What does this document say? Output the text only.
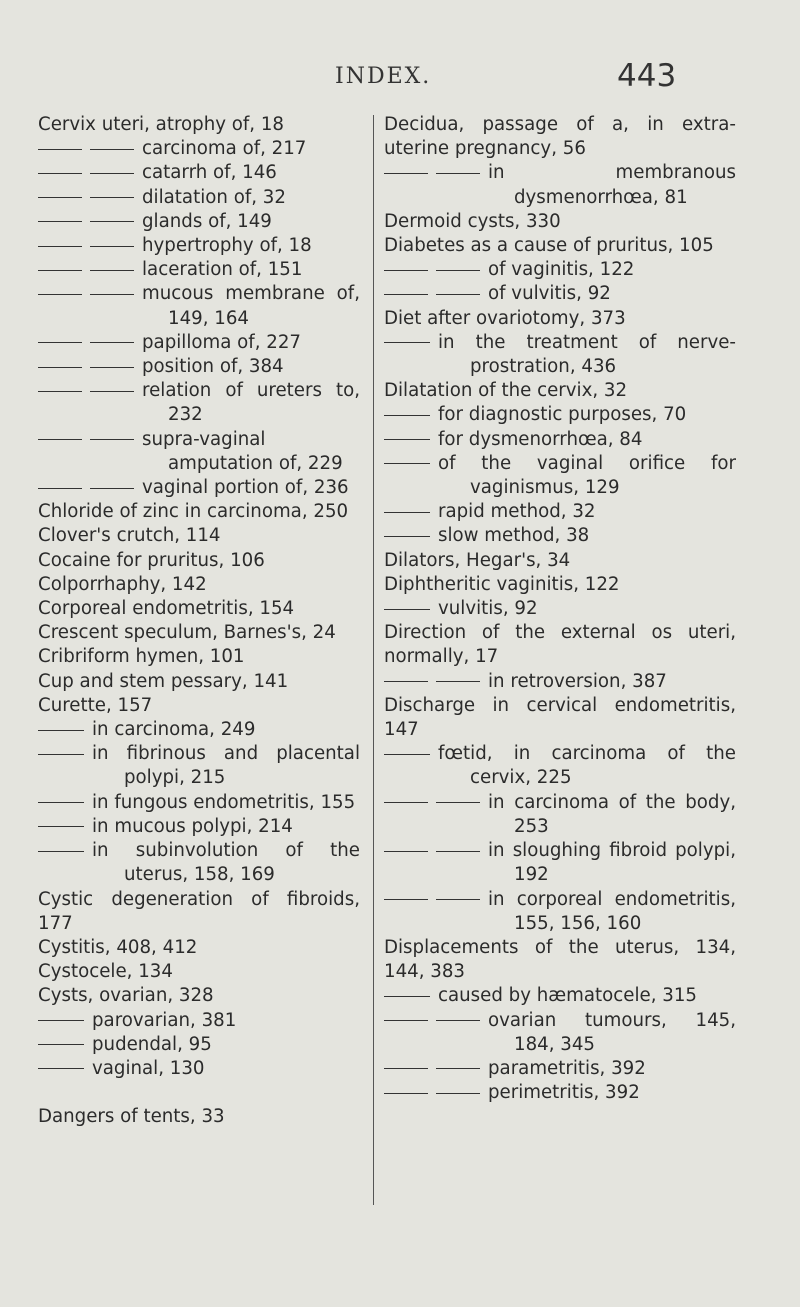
INDEX.	443
Cervix uteri, atrophy of, 18
carcinoma of, 217
catarrh of, 146
dilatation of, 32
glands of, 149
hypertrophy of, 18
laceration of, 151
mucous membrane of, 149, 164
papilloma of, 227
position of, 384
relation of ureters to, 232
supra-vaginal amputation of, 229
vaginal portion of, 236
Chloride of zinc in carcinoma, 250
Clover's crutch, 114
Cocaine for pruritus, 106
Colporrhaphy, 142
Corporeal endometritis, 154
Crescent speculum, Barnes's, 24
Cribriform hymen, 101
Cup and stem pessary, 141
Curette, 157
in carcinoma, 249
in fibrinous and placental polypi, 215
in fungous endometritis, 155
in mucous polypi, 214
in subinvolution of the uterus, 158, 169
Cystic degeneration of fibroids, 177
Cystitis, 408, 412
Cystocele, 134
Cysts, ovarian, 328
parovarian, 381
pudendal, 95
vaginal, 130
Dangers of tents, 33
Decidua, passage of a, in extra-uterine pregnancy, 56
in membranous dysmenorrhœa, 81
Dermoid cysts, 330
Diabetes as a cause of pruritus, 105
of vaginitis, 122
of vulvitis, 92
Diet after ovariotomy, 373
in the treatment of nerve-prostration, 436
Dilatation of the cervix, 32
for diagnostic purposes, 70
for dysmenorrhœa, 84
of the vaginal orifice for vaginismus, 129
rapid method, 32
slow method, 38
Dilators, Hegar's, 34
Diphtheritic vaginitis, 122
vulvitis, 92
Direction of the external os uteri, normally, 17
in retroversion, 387
Discharge in cervical endometritis, 147
fœtid, in carcinoma of the cervix, 225
in carcinoma of the body, 253
in sloughing fibroid polypi, 192
in corporeal endometritis, 155, 156, 160
Displacements of the uterus, 134, 144, 383
caused by hæmatocele, 315
ovarian tumours, 145, 184, 345
parametritis, 392
perimetritis, 392
